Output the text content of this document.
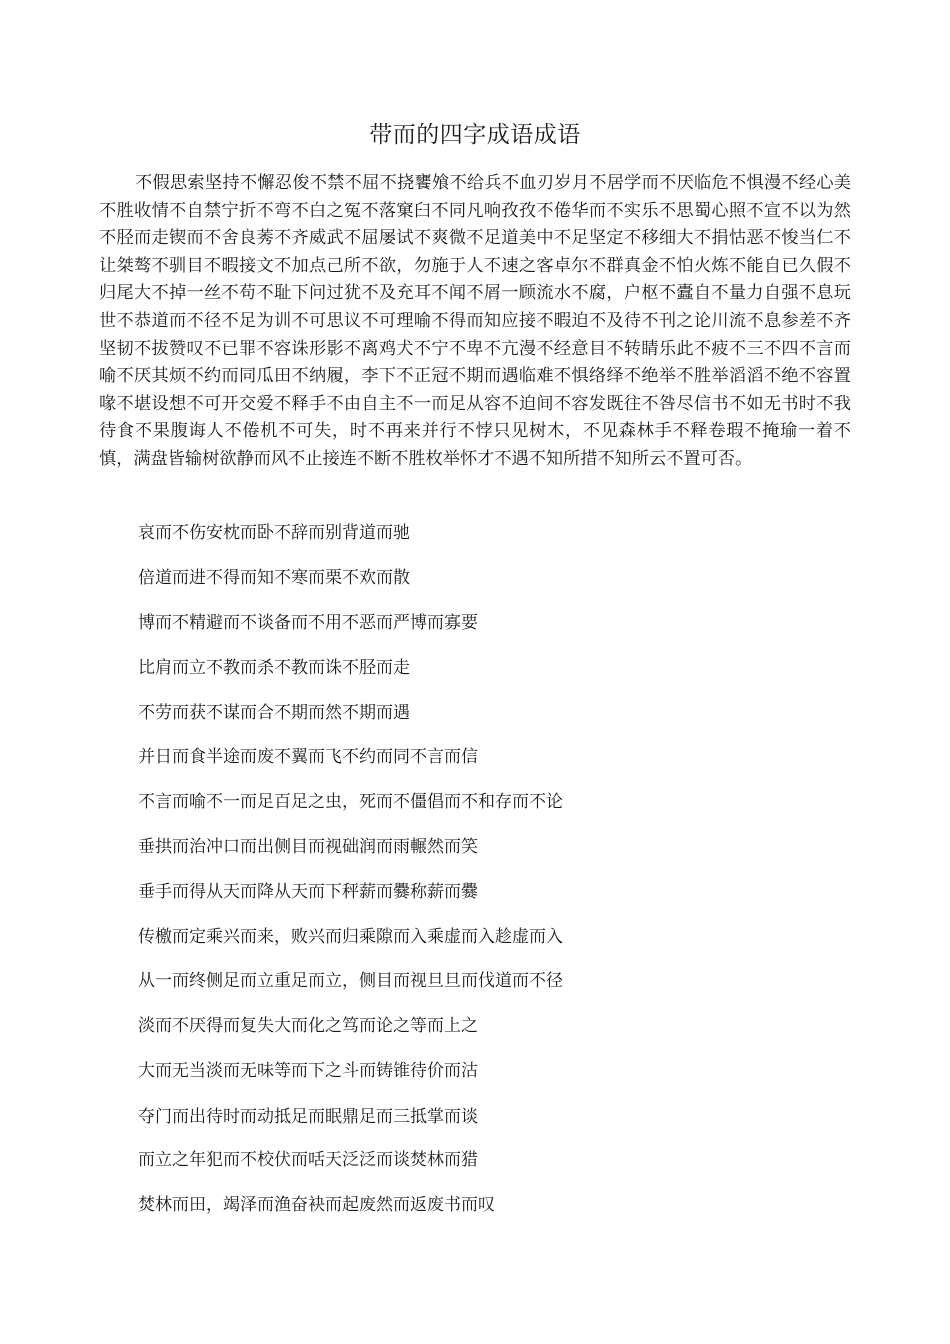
带而的四字成语成语

不假思索坚持不懈忍俊不禁不屈不挠饔飧不给兵不血刃岁月不居学而不厌临危不惧漫不经心美不胜收情不自禁宁折不弯不白之冤不落窠臼不同凡响孜孜不倦华而不实乐不思蜀心照不宣不以为然不胫而走锲而不舍良莠不齐威武不屈屡试不爽微不足道美中不足坚定不移细大不捐怙恶不悛当仁不让桀骜不驯目不暇接文不加点己所不欲，勿施于人不速之客卓尔不群真金不怕火炼不能自已久假不归尾大不掉一丝不苟不耻下问过犹不及充耳不闻不屑一顾流水不腐，户枢不蠹自不量力自强不息玩世不恭道而不径不足为训不可思议不可理喻不得而知应接不暇迫不及待不刊之论川流不息参差不齐坚韧不拔赞叹不已罪不容诛形影不离鸡犬不宁不卑不亢漫不经意目不转睛乐此不疲不三不四不言而喻不厌其烦不约而同瓜田不纳履，李下不正冠不期而遇临难不惧络绎不绝举不胜举滔滔不绝不容置喙不堪设想不可开交爱不释手不由自主不一而足从容不迫间不容发既往不咎尽信书不如无书时不我待食不果腹诲人不倦机不可失，时不再来并行不悖只见树木，不见森林手不释卷瑕不掩瑜一着不慎，满盘皆输树欲静而风不止接连不断不胜枚举怀才不遇不知所措不知所云不置可否。

哀而不伤安枕而卧不辞而别背道而驰
倍道而进不得而知不寒而栗不欢而散
博而不精避而不谈备而不用不恶而严博而寡要
比肩而立不教而杀不教而诛不胫而走
不劳而获不谋而合不期而然不期而遇
并日而食半途而废不翼而飞不约而同不言而信
不言而喻不一而足百足之虫，死而不僵倡而不和存而不论
垂拱而治冲口而出侧目而视础润而雨輾然而笑
垂手而得从天而降从天而下秤薪而爨称薪而爨
传檄而定乘兴而来，败兴而归乘隙而入乘虚而入趁虚而入
从一而终侧足而立重足而立，侧目而视旦旦而伐道而不径
淡而不厌得而复失大而化之笃而论之等而上之
大而无当淡而无味等而下之斗而铸锥待价而沽
夺门而出待时而动抵足而眠鼎足而三抵掌而谈
而立之年犯而不校伏而咶天泛泛而谈焚林而猎
焚林而田，竭泽而渔奋袂而起废然而返废书而叹
